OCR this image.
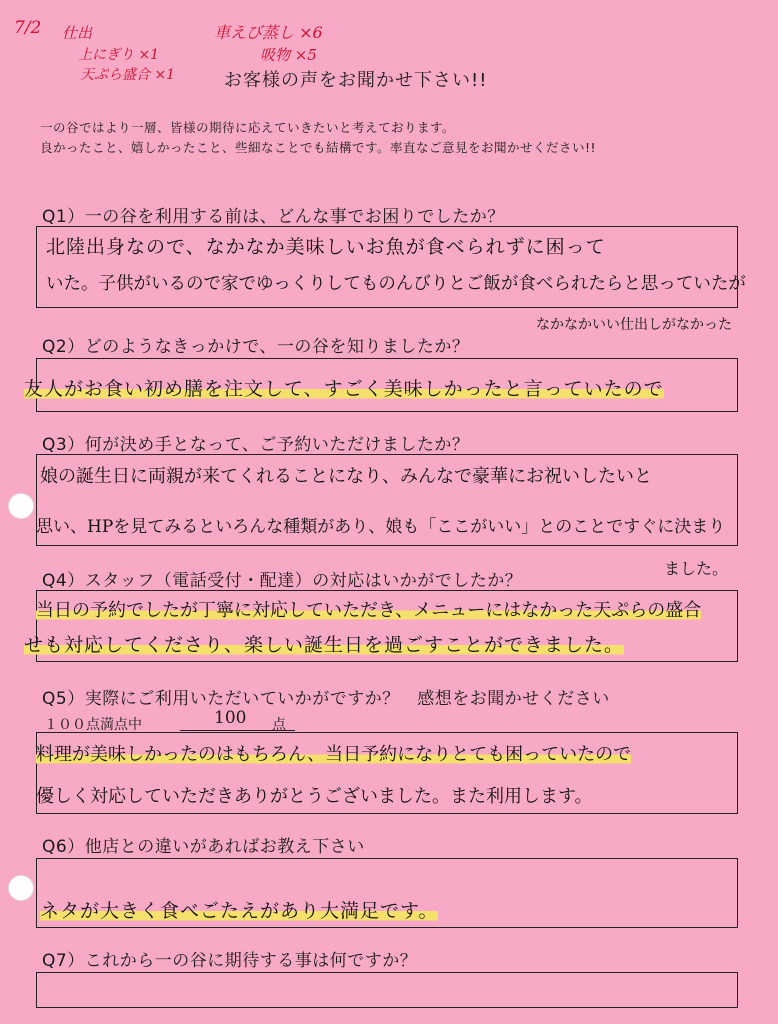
7/2 仕出
上にぎり ×1
天ぷら盛合 ×1
車えび蒸し ×6
吸物 ×5
お客様の声をお聞かせ下さい!!
一の谷ではより一層、皆様の期待に応えていきたいと考えております。
良かったこと、嬉しかったこと、些細なことでも結構です。率直なご意見をお聞かせください!!
Q1）一の谷を利用する前は、どんな事でお困りでしたか？
北陸出身なので、なかなか美味しいお魚が食べられずに困って
いた。子供がいるので家でゆっくりしてものんびりとご飯が食べられたらと思っていたが
なかなかいい仕出しがなかった
Q2）どのようなきっかけで、一の谷を知りましたか？
友人がお食い初め膳を注文して、すごく美味しかったと言っていたので
Q3）何が決め手となって、ご予約いただけましたか？
娘の誕生日に両親が来てくれることになり、みんなで豪華にお祝いしたいと
思い、HPを見てみるといろんな種類があり、娘も「ここがいい」とのことですぐに決まり
ました。
Q4）スタッフ（電話受付・配達）の対応はいかがでしたか？
当日の予約でしたが丁寧に対応していただき、メニューにはなかった天ぷらの盛合
せも対応してくださり、楽しい誕生日を過ごすことができました。
Q5）実際にご利用いただいていかがですか？　感想をお聞かせください
１００点満点中	100 点
料理が美味しかったのはもちろん、当日予約になりとても困っていたので
優しく対応していただきありがとうございました。また利用します。
Q6）他店との違いがあればお教え下さい
ネタが大きく食べごたえがあり大満足です。
Q7）これから一の谷に期待する事は何ですか？
